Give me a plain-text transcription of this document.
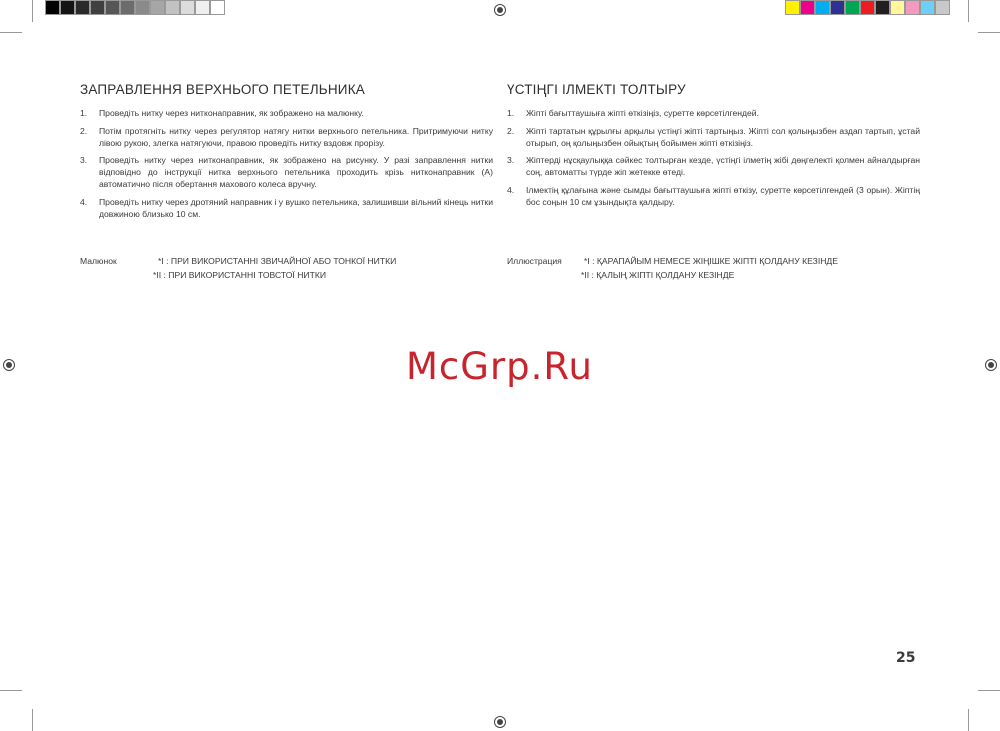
ЗАПРАВЛЕННЯ ВЕРХНЬОГО ПЕТЕЛЬНИКА
1.	Проведіть нитку через нитконаправник, як зображено на малюнку.
2.	Потім протягніть нитку через регулятор натягу нитки верхнього петельника. Притримуючи нитку лівою рукою, злегка натягуючи, правою проведіть нитку вздовж прорізу.
3.	Проведіть нитку через нитконаправник, як зображено на рисунку. У разі заправлення нитки відповідно до інструкції нитка верхнього петельника проходить крізь нитконаправник (А) автоматично після обертання махового колеса вручну.
4.	Проведіть нитку через дротяний направник і у вушко петельника, залишивши вільний кінець нитки довжиною близько 10 см.
Малюнок	*I : ПРИ ВИКОРИСТАННІ ЗВИЧАЙНОЇ АБО ТОНКОЇ НИТКИ
*II : ПРИ ВИКОРИСТАННІ ТОВСТОЇ НИТКИ
ҮСТІҢГІ ІЛМЕКТІ ТОЛТЫРУ
1.	Жіпті бағыттаушыға жіпті өткізіңіз, суретте көрсетілгендей.
2.	Жіпті тартатын құрылғы арқылы үстіңгі жіпті тартыңыз. Жіпті сол қолыңызбен аздап тартып, ұстай отырып, оң қолыңызбен ойықтың бойымен жіпті өткізіңіз.
3.	Жіптерді нұсқаулыққа сәйкес толтырған кезде, үстіңгі ілметің жібі дөңгелекті қолмен айналдырған соң, автоматты түрде жіп жетекке өтеді.
4.	Ілмектің құлағына және сымды бағыттаушыға жіпті өткізу, суретте көрсетілгендей (3 орын). Жіптің бос соңын 10 см ұзындықта қалдыру.
Иллюстрация	*I : ҚАРАПАЙЫМ НЕМЕСЕ ЖІҢІШКЕ ЖІПТІ ҚОЛДАНУ КЕЗІНДЕ
*II : ҚАЛЫҢ ЖІПТІ ҚОЛДАНУ КЕЗІНДЕ
McGrp.Ru
25
